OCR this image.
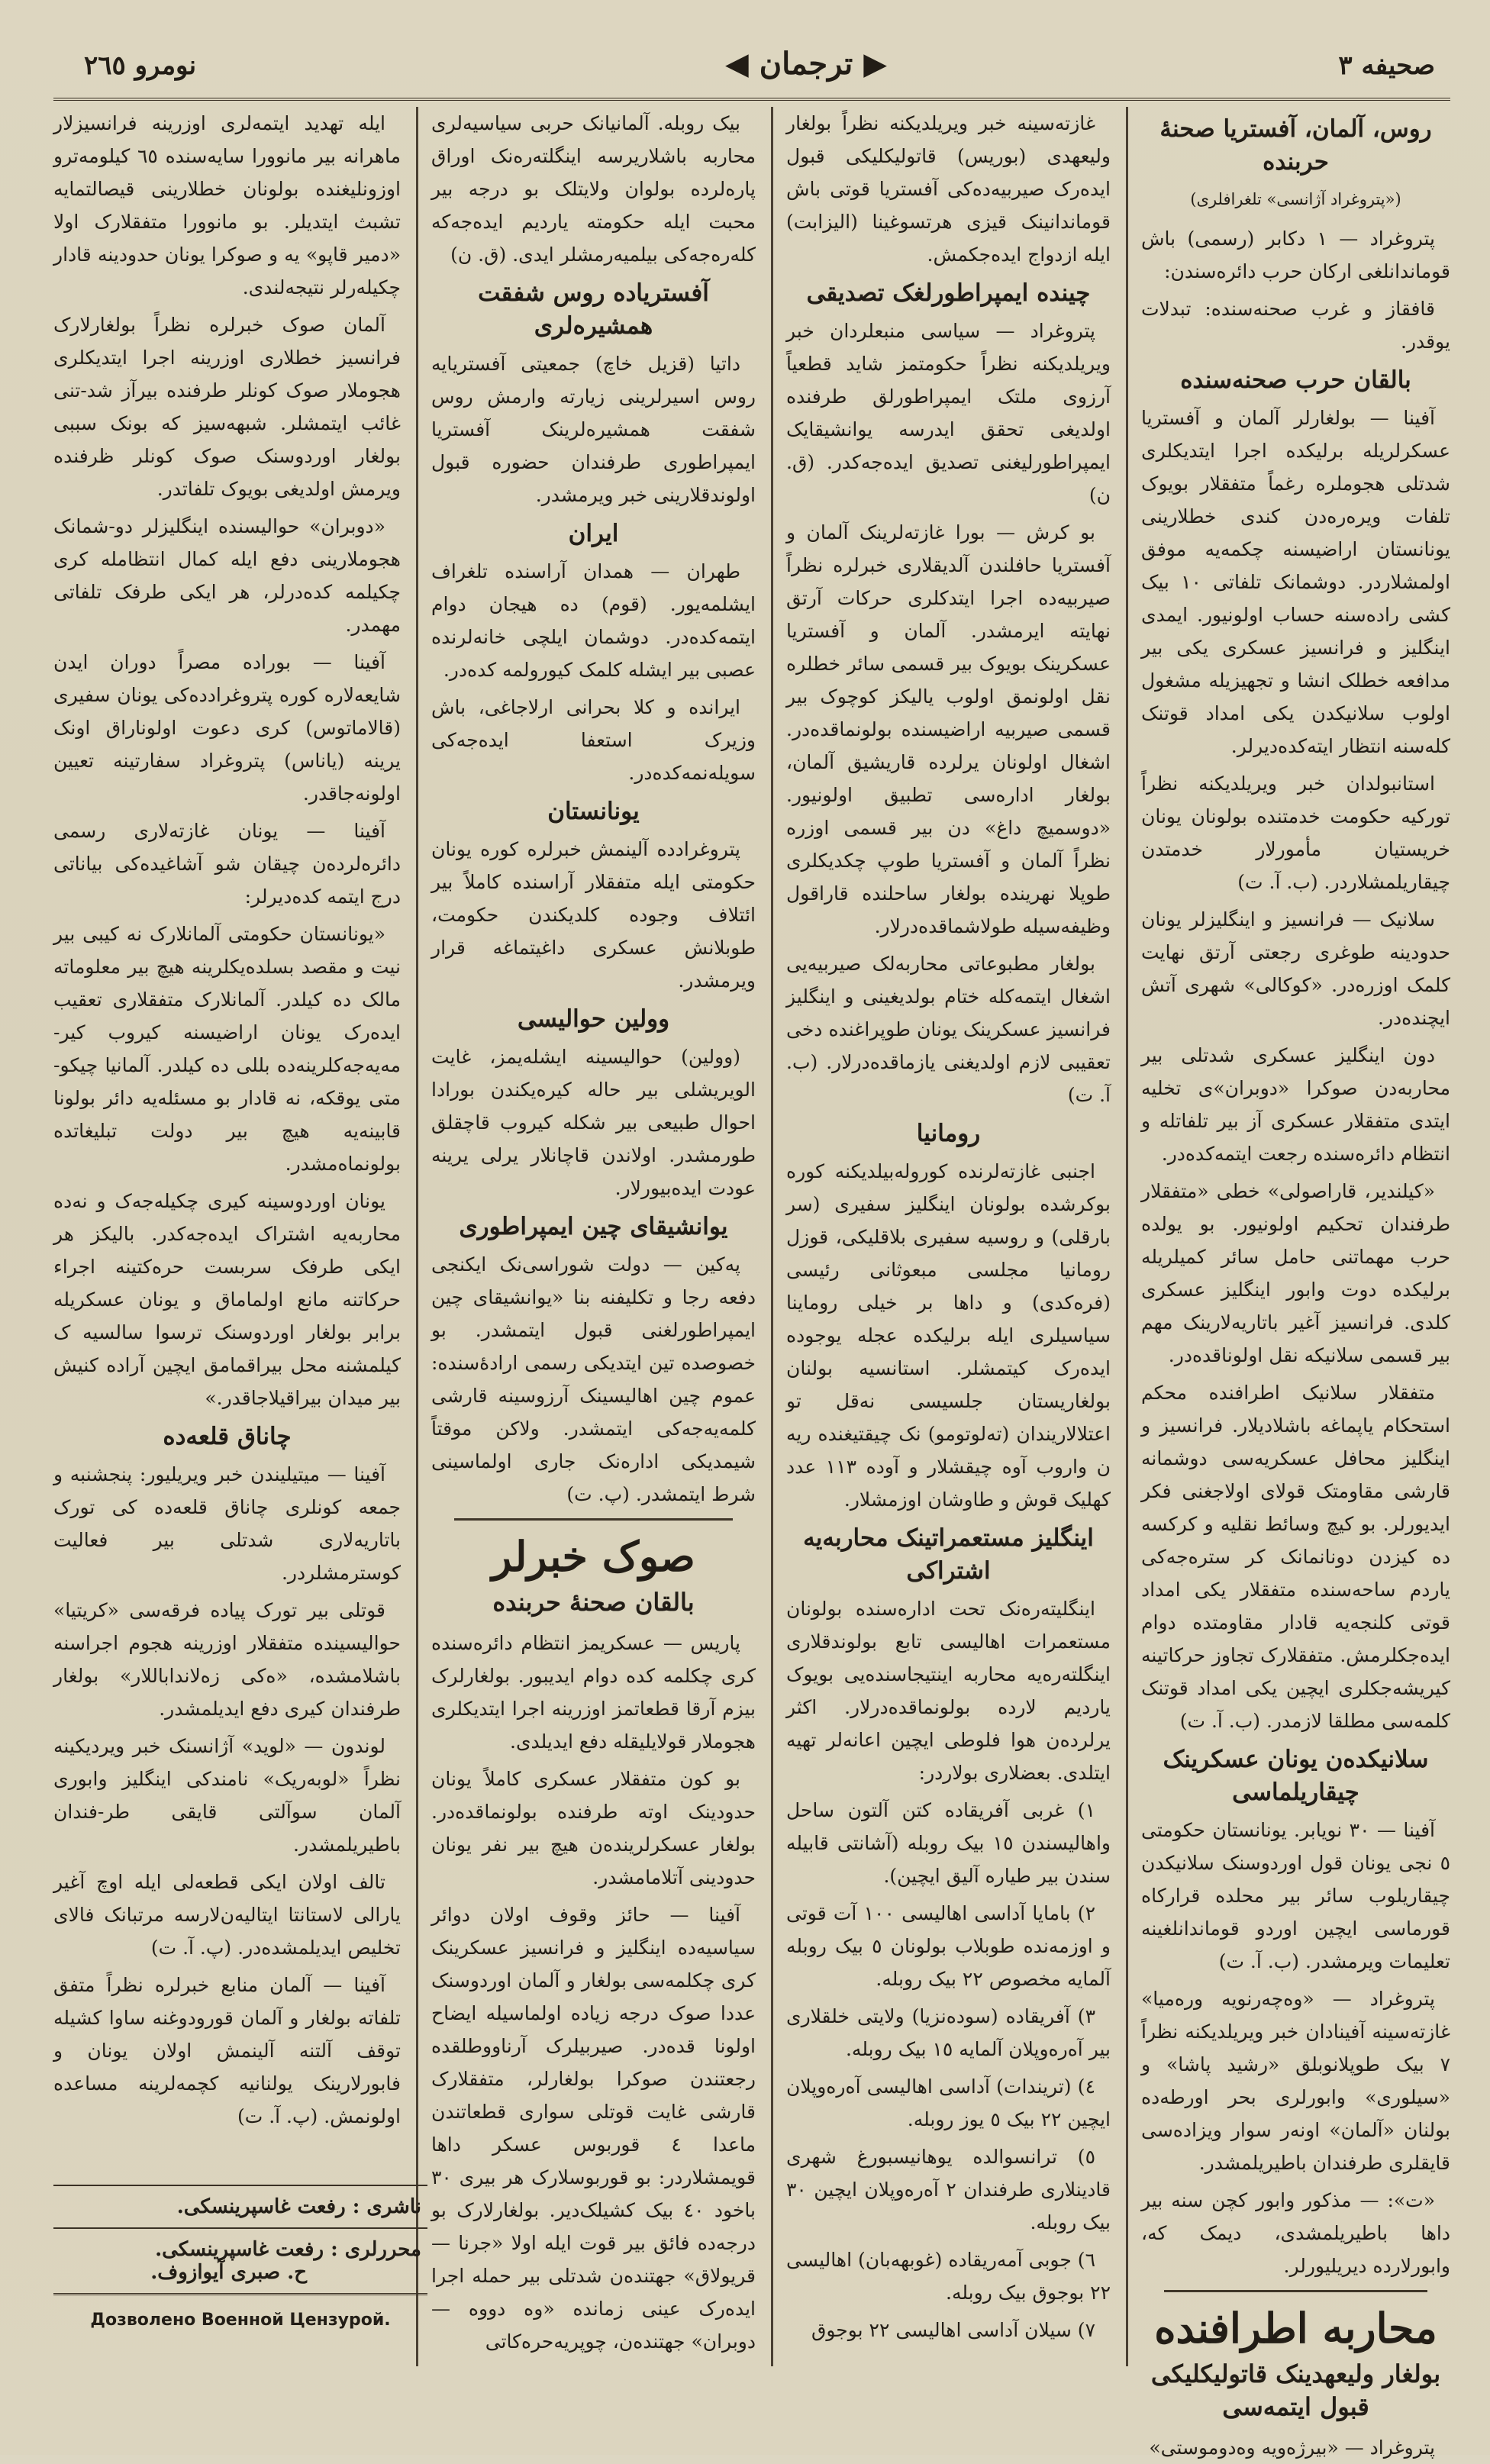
نومرو ٢٦٥	◀ ترجمان ▶	صحیفه ٣
روس، آلمان، آفستریا صحنهٔ حربنده
(«پتروغراد آژانسی» تلغرافلری)
پتروغراد — ١ دکابر (رسمی) باش قوماندانلغی ارکان حرب دائره‌سندن:
قافقاز و غرب صحنه‌سنده: تبدلات یوقدر.
بالقان حرب صحنه‌سنده
آفینا — بولغارلر آلمان و آفستریا عسکرلریله برلیکده اجرا ایتدیکلری شدتلی هجوملره رغماً متفقلار بویوک تلفات ویره‌ره‌دن کندی خطلارینی یونانستان اراضیسنه چکمه‌یه موفق اولمشلاردر. دوشمانک تلفاتی ١٠ بیک کشی راده‌سنه حساب اولونیور. ایمدی اینگلیز و فرانسیز عسکری یکی بیر مدافعه خطلک انشا و تجهیزیله مشغول اولوب سلانیکدن یکی امداد قوتنک کله‌سنه انتظار ایته‌کده‌دیرلر.
استانبولدان خبر ویریلدیکنه نظراً تورکیه حکومت خدمتنده بولونان یونان خریستیان مأمورلار خدمتدن چیقاریلمشلاردر. (ب. آ. ت)
سلانیک — فرانسیز و اینگلیزلر یونان حدودینه طوغری رجعتی آرتق نهایت کلمک اوزره‌در. «کوکالی» شهری آتش ایچنده‌در.
دون اینگلیز عسکری شدتلی بیر محاربه‌دن صوکرا «دوبران»ی تخلیه ایتدی متفقلار عسکری آز بیر تلفاتله و انتظام دائره‌سنده رجعت ایتمه‌کده‌در.
«کیلندیر، قاراصولی» خطی «متفقلار طرفندان تحکیم اولونیور. بو یولده حرب مهماتنی حامل سائر کمیلریله برلیکده دوت وابور اینگلیز عسکری کلدی. فرانسیز آغیر باتاریه‌لارینک مهم بیر قسمی سلانیکه نقل اولوناقده‌در.
متفقلار سلانیک اطرافنده محکم استحکام یاپماغه باشلادیلار. فرانسیز و اینگلیز محافل عسکریه‌سی دوشمانه قارشی مقاومتک قولای اولاجغنی فکر ایدیورلر. بو کیچ وسائط نقلیه و کرکسه ده کیزدن دونانمانک کر ستره‌جه‌کی یاردم ساحه‌سنده متفقلار یکی امداد قوتی کلنجه‌یه قادار مقاومتده دوام ایده‌جکلرمش. متفقلارک تجاوز حرکاتینه کیریشه‌جکلری ایچین یکی امداد قوتنک کلمه‌سی مطلقا لازمدر. (ب. آ. ت)
سلانیکده‌ن یونان عسکرینک چیقاریلماسی
آفینا — ٣٠ نویابر. یونانستان حکومتی ٥ نجی یونان قول اوردوسنک سلانیکدن چیقاریلوب سائر بیر محلده قرارکاه قورماسی ایچین اوردو قوماندانلغینه تعلیمات ویرمشدر. (ب. آ. ت)
پتروغراد — «وه‌چه‌رنویه وره‌میا» غازته‌سینه آفینادان خبر ویریلدیکنه نظراً ٧ بیک طوپلانوبلق «رشید پاشا» و «سیلوری» وابورلری بحر اورطه‌ده بولنان «آلمان» اونه‌ر سوار ویزاده‌سی قایقلری طرفندان باطیریلمشدر.
«ت»: — مذکور وابور کچن سنه بیر داها باطیریلمشدی، دیمک که، وابورلارده دیریلیورلر.
محاربه اطرافنده
بولغار ولیعهدینک قاتولیکلیکی قبول ایتمه‌سی
پتروغراد — «بیرژه‌ویه وه‌دوموستی»
غازته‌سینه خبر ویریلدیکنه نظراً بولغار ولیعهدی (بوریس) قاتولیکلیکی قبول ایده‌رک صیربیه‌ده‌کی آفستریا قوتی باش قوماندانینک قیزی هرتسوغینا (الیزابت) ایله ازدواج ایده‌جکمش.
چینده ایمپراطورلغک تصدیقی
پتروغراد — سیاسی منبعلردان خبر ویریلدیکنه نظراً حکومتمز شاید قطعیاً آرزوی ملتک ایمپراطورلق طرفنده اولدیغی تحقق ایدرسه یوانشیقایک ایمپراطورلیغنی تصدیق ایده‌جه‌کدر. (ق. ن)
بو کرش — بورا غازته‌لرینک آلمان و آفستریا حافلندن آلدیقلاری خبرلره نظراً صیربیه‌ده اجرا ایتدکلری حرکات آرتق نهایته ایرمشدر. آلمان و آفستریا عسکرینک بویوک بیر قسمی سائر خطلره نقل اولونمق اولوب یالیکز کوچوک بیر قسمی صیربیه اراضیسنده بولونماقده‌در. اشغال اولونان یرلرده قاریشیق آلمان، بولغار اداره‌سی تطبیق اولونیور. «دوسمیچ داغ» دن بیر قسمی اوزره نظراً آلمان و آفستریا طوپ چکدیکلری طوپلا نهرینده بولغار ساحلنده قاراقول وظیفه‌سیله طولاشماقده‌درلار.
بولغار مطبوعاتی محاربه‌لک صیربیه‌یی اشغال ایتمه‌کله ختام بولدیغینی و اینگلیز فرانسیز عسکرینک یونان طوپراغنده دخی تعقیبی لازم اولدیغنی یازماقده‌درلار. (ب. آ. ت)
رومانیا
اجنبی غازته‌لرنده کوروله‌بیلدیکنه کوره بوکرشده بولونان اینگلیز سفیری (سر بارقلی) و روسیه سفیری بلاقلیکی، قوزل رومانیا مجلسی مبعوثانی رئیسی (فره‌کدی) و داها بر خیلی روماینا سیاسیلری ایله برلیکده عجله یوجوده ایده‌رک کیتمشلر. استانسیه بولنان بولغاریستان جلسیسی نه‌قل تو اعتلالاریندان (ته‌لوتومو) نک چیقتیغنده ریه ن واروب آوه چیقشلار و آوده ١١٣ عدد کهلیک قوش و طاوشان اوزمشلار.
اینگلیز مستعمراتینک محاربه‌یه اشتراکی
اینگلیته‌ره‌نک تحت اداره‌سنده بولونان مستعمرات اهالیسی تابع بولوندقلاری اینگلته‌ره‌یه محاربه اینتیجاسنده‌یی بویوک یاردیم لارده بولونماقده‌درلار. اکثر یرلرده‌ن هوا فلوطی ایچین اعانه‌لر تهیه ایتلدی. بعضلاری بولاردر:
١) غربی آفریقاده کتن آلتون ساحل واهالیسندن ١٥ بیک روبله (آشانتی قابیله سندن بیر طیاره آلیق ایچین).
٢) بامایا آداسی اهالیسی ١٠٠ آت قوتی و اوزمه‌نده طوبلاب بولونان ٥ بیک روبله آلمایه مخصوص ٢٢ بیک روبله.
٣) آفریقاده (سوده‌نزیا) ولایتی خلقلاری بیر آه‌ره‌وپلان آلمایه ١٥ بیک روبله.
٤) (تریندات) آداسی اهالیسی آه‌ره‌وپلان ایچین ٢٢ بیک ٥ یوز روبله.
٥) ترانسوالده یوهانیسبورغ شهری قادینلاری طرفندان ٢ آه‌ره‌وپلان ایچین ٣٠ بیک روبله.
٦) جوبی آمه‌ریقاده (غوبهه‌بان) اهالیسی ٢٢ بوجوق بیک روبله.
٧) سیلان آداسی اهالیسی ٢٢ بوجوق
بیک روبله. آلمانیانک حربی سیاسیه‌لری محاربه باشلاریرسه اینگلته‌ره‌نک اوراق پاره‌لرده بولوان ولایتلک بو درجه بیر محبت ایله حکومته یاردیم ایده‌جه‌که کله‌ره‌جه‌کی بیلمیه‌رمشلر ایدی. (ق. ن)
آفستریاده روس شفقت همشیره‌لری
داتیا (قزیل خاچ) جمعیتی آفستریایه روس اسیرلرینی زیارته وارمش روس شفقت همشیره‌لرینک آفستریا ایمپراطوری طرفندان حضوره قبول اولوندقلارینی خبر ویرمشدر.
ایران
طهران — همدان آراسنده تلغراف ایشلمه‌یور. (قوم) ده هیجان دوام ایتمه‌کده‌در. دوشمان ایلچی خانه‌لرنده عصبی بیر ایشله کلمک کیورولمه کده‌در.
ایرانده و کلا بحرانی ارلاجاغی، باش وزیرک استعفا ایده‌جه‌کی سویله‌نمه‌کده‌در.
یونانستان
پتروغراد‌ده آلینمش خبرلره کوره یونان حکومتی ایله متفقلار آراسنده کاملاً بیر ائتلاف وجوده کلدیکندن حکومت، طوبلانش عسکری داغیتماغه قرار ویرمشدر.
وولین حوالیسی
(وولین) حوالیسینه ایشله‌یمز، غایت الویریشلی بیر حاله کیره‌یکندن بورادا احوال طبیعی بیر شکله کیروب قاچقلق طورمشدر. اولاندن قاچانلار یرلی یرینه عودت ایده‌بیورلار.
یوانشیقای چین ایمپراطوری
په‌کین — دولت شوراسی‌نک ایکنجی دفعه رجا و تکلیفنه بنا «یوانشیقای چین ایمپراطورلغنی قبول ایتمشدر. بو خصوصده تین ایتدیکی رسمی ارادهٔ‌سنده: عموم چین اهالیسینک آرزوسینه قارشی کلمه‌یه‌جه‌کی ایتمشدر. ولاکن موقتاً شیمدیکی اداره‌نک جاری اولماسینی شرط ایتمشدر. (پ. ت)
صوک خبرلر
بالقان صحنهٔ حربنده
پاریس — عسکریمز انتظام دائره‌سنده کری چکلمه کده دوام ایدیبور. بولغارلرک بیزم آرقا قطعاتمز اوزرینه اجرا ایتدیکلری هجوملار قولایلیقله دفع ایدیلدی.
بو کون متفقلار عسکری کاملاً یونان حدودینک اوته طرفنده بولونماقده‌در. بولغار عسکرلرینده‌ن هیچ بیر نفر یونان حدودینی آتلامامشدر.
آفینا — حائز وقوف اولان دوائر سیاسیه‌ده اینگلیز و فرانسیز عسکرینک کری چکلمه‌سی بولغار و آلمان اوردوسنک عددا صوک درجه زیاده اولماسیله ایضاح اولونا قده‌در. صیربیلرک آرناووطلقده رجعتندن صوکرا بولغارلر، متفقلارک قارشی غایت قوتلی سواری قطعاتندن ماعدا ٤ قوربوس عسکر داها قویمشلاردر: بو قوربوسلارک هر بیری ٣٠ باخود ٤٠ بیک کشیلک‌دیر. بولغارلارک بو درجه‌ده فائق بیر قوت ایله اولا «جرنا — قریولاق» جهتنده‌ن شدتلی بیر حمله اجرا ایده‌رک عینی زمانده «وه‌ دووه — دوبران» جهتنده‌ن، چوپریه‌حره‌کاتی
ایله تهدید ایتمه‌لری اوزرینه فرانسیزلار ماهرانه بیر مانوورا سایه‌سنده ٦٥ کیلومه‌ترو اوزونلیغنده بولونان خطلارینی قیصالتمایه تشبث ایتدیلر. بو مانوورا متفقلارک اولا «دمیر قاپو» یه و صوکرا یونان حدودینه قادار چکیله‌رلر نتیجه‌لندی.
آلمان صوک خبرلره نظراً بولغارلارک فرانسیز خطلاری اوزرینه اجرا ایتدیکلری هجوملار صوک کونلر طرفنده بیرآز شد-تنی غائب ایتمشلر. شبهه‌سیز که بونک سببی بولغار اوردوسنک صوک کونلر ظرفنده ویرمش اولدیغی بویوک تلفاتدر.
«دوبران» حوالیسنده اینگلیزلر دو-شمانک هجوملارینی دفع ایله کمال انتظامله کری چکیلمه کده‌درلر، هر ایکی طرفک تلفاتی مهمدر.
آفینا — بوراده مصراً دوران ایدن شایعه‌لاره کوره پتروغرادده‌کی یونان سفیری (قالاماتوس) کری دعوت اولوناراق اونک یرینه (یاناس) پتروغراد سفارتینه تعیین اولونه‌جاقدر.
آفینا — یونان غازته‌لاری رسمی دائره‌لرده‌ن چیقان شو آشاغیده‌کی بیاناتی درج ایتمه کده‌دیرلر:
«یونانستان حکومتی آلمانلارک نه کیبی بیر نیت و مقصد بسلده‌یکلرینه هیچ بیر معلوماته مالک ده کیلدر. آلمانلارک متفقلاری تعقیب ایده‌رک یونان اراضیسنه کیروب کیر-مه‌یه‌جه‌کلرینه‌ده بللی ده کیلدر. آلمانیا چیکو-متی یوقکه، نه قادار بو مسئله‌یه دائر بولونا قابینه‌یه هیچ بیر دولت تبلیغاتده بولونماه‌مشدر.
یونان اوردوسینه کیری چکیله‌جه‌ک و نه‌ده محاربه‌یه اشتراک ایده‌جه‌کدر. بالیکز هر ایکی طرفک سربست حره‌کتینه اجراء حرکاتنه مانع اولماماق و یونان عسکریله برابر بولغار اوردوسنک ترسوا سالسیه ک کیلمشنه محل بیراقمامق ایچین آراده کنیش بیر میدان بیراقیلاجاقدر.»
چاناق قلعه‌ده
آفینا — میتیلیندن خبر ویریلیور: پنجشنبه و جمعه کونلری چاناق قلعه‌ده کی تورک باتاریه‌لاری شدتلی بیر فعالیت کوسترمشلردر.
قوتلی بیر تورک پیاده فرقه‌سی «کریتیا» حوالیسینده متفقلار اوزرینه هجوم اجراسنه باشلامشده، «ه‌کی زه‌لانداباللار» بولغار طرفندان کیری دفع ایدیلمشدر.
لوندون — «لوید» آژانسنک خبر ویردیکینه نظراً «لوبه‌ریک» نامندکی اینگلیز وابوری آلمان سوآلتی قایقی طر-فندان باطیریلمشدر.
تالف اولان ایکی قطعه‌لی ایله اوچ آغیر یارالی لاستانتا ایتالیه‌ن‌لارسه مرتبانک فالای تخلیص ایدیلمشده‌در. (پ. آ. ت)
آفینا — آلمان منابع خبرلره نظراً متفق تلفاته بولغار و آلمان قورودوغنه ساوا کشیله توقف آلتنه آلینمش اولان یونان و فابورلارینک یولنانیه کچمه‌لرینه مساعده اولونمش. (پ. آ. ت)
ناشری : رفعت غاسپرینسکی.
محررلری : رفعت غاسپرینسکی.
ح. صبری آیوازوف.
Дозволено Военной Цензурой.
